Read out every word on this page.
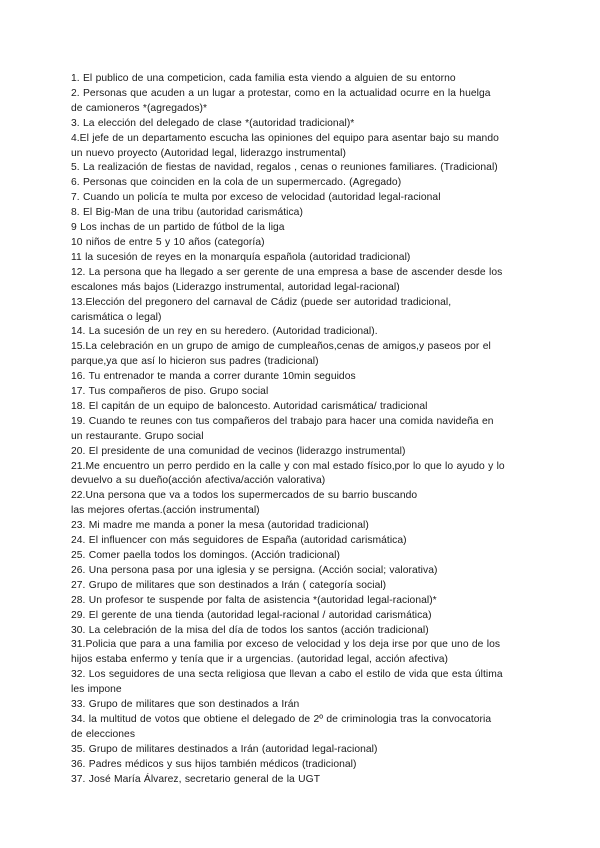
1. El publico de una competicion, cada familia esta viendo a alguien de su entorno
2. Personas que acuden a un lugar a protestar, como en la actualidad ocurre en la huelga
de camioneros *(agregados)*
3. La elección del delegado de clase *(autoridad tradicional)*
4.El jefe de un departamento escucha las opiniones del equipo para asentar bajo su mando
un nuevo proyecto (Autoridad legal, liderazgo instrumental)
5. La realización de fiestas de navidad, regalos , cenas o reuniones familiares. (Tradicional)
6. Personas que coinciden en la cola de un supermercado. (Agregado)
7. Cuando un policía te multa por exceso de velocidad (autoridad legal-racional
8. El Big-Man de una tribu (autoridad carismática)
9 Los inchas de un partido de fútbol de la liga
10 niños de entre 5 y 10 años (categoría)
11 la sucesión de reyes en la monarquía española (autoridad tradicional)
12. La persona que ha llegado a ser gerente de una empresa a base de ascender desde los
escalones más bajos (Liderazgo instrumental, autoridad legal-racional)
13.Elección del pregonero del carnaval de Cádiz (puede ser autoridad tradicional,
carismática o legal)
14. La sucesión de un rey en su heredero. (Autoridad tradicional).
15.La celebración en un grupo de amigo de cumpleaños,cenas de amigos,y paseos por el
parque,ya que así lo hicieron sus padres (tradicional)
16. Tu entrenador te manda a correr durante 10min seguidos
17. Tus compañeros de piso. Grupo social
18. El capitán de un equipo de baloncesto. Autoridad carismática/ tradicional
19. Cuando te reunes con tus compañeros del trabajo para hacer una comida navideña en
un restaurante. Grupo social
20. El presidente de una comunidad de vecinos (liderazgo instrumental)
21.Me encuentro un perro perdido en la calle y con mal estado físico,por lo que lo ayudo y lo
devuelvo a su dueño(acción afectiva/acción valorativa)
22.Una persona que va a todos los supermercados de su barrio buscando
las mejores ofertas.(acción instrumental)
23. Mi madre me manda a poner la mesa (autoridad tradicional)
24. El influencer con más seguidores de España (autoridad carismática)
25. Comer paella todos los domingos. (Acción tradicional)
26. Una persona pasa por una iglesia y se persigna. (Acción social; valorativa)
27. Grupo de militares que son destinados a Irán ( categoría social)
28. Un profesor te suspende por falta de asistencia *(autoridad legal-racional)*
29. El gerente de una tienda (autoridad legal-racional / autoridad carismática)
30. La celebración de la misa del día de todos los santos (acción tradicional)
31.Policia que para a una familia por exceso de velocidad y los deja irse por que uno de los
hijos estaba enfermo y tenía que ir a urgencias. (autoridad legal, acción afectiva)
32. Los seguidores de una secta religiosa que llevan a cabo el estilo de vida que esta última
les impone
33. Grupo de militares que son destinados a Irán
34. la multitud de votos que obtiene el delegado de 2º de criminologia tras la convocatoria
de elecciones
35. Grupo de militares destinados a Irán (autoridad legal-racional)
36. Padres médicos y sus hijos también médicos (tradicional)
37. José María Álvarez, secretario general de la UGT
